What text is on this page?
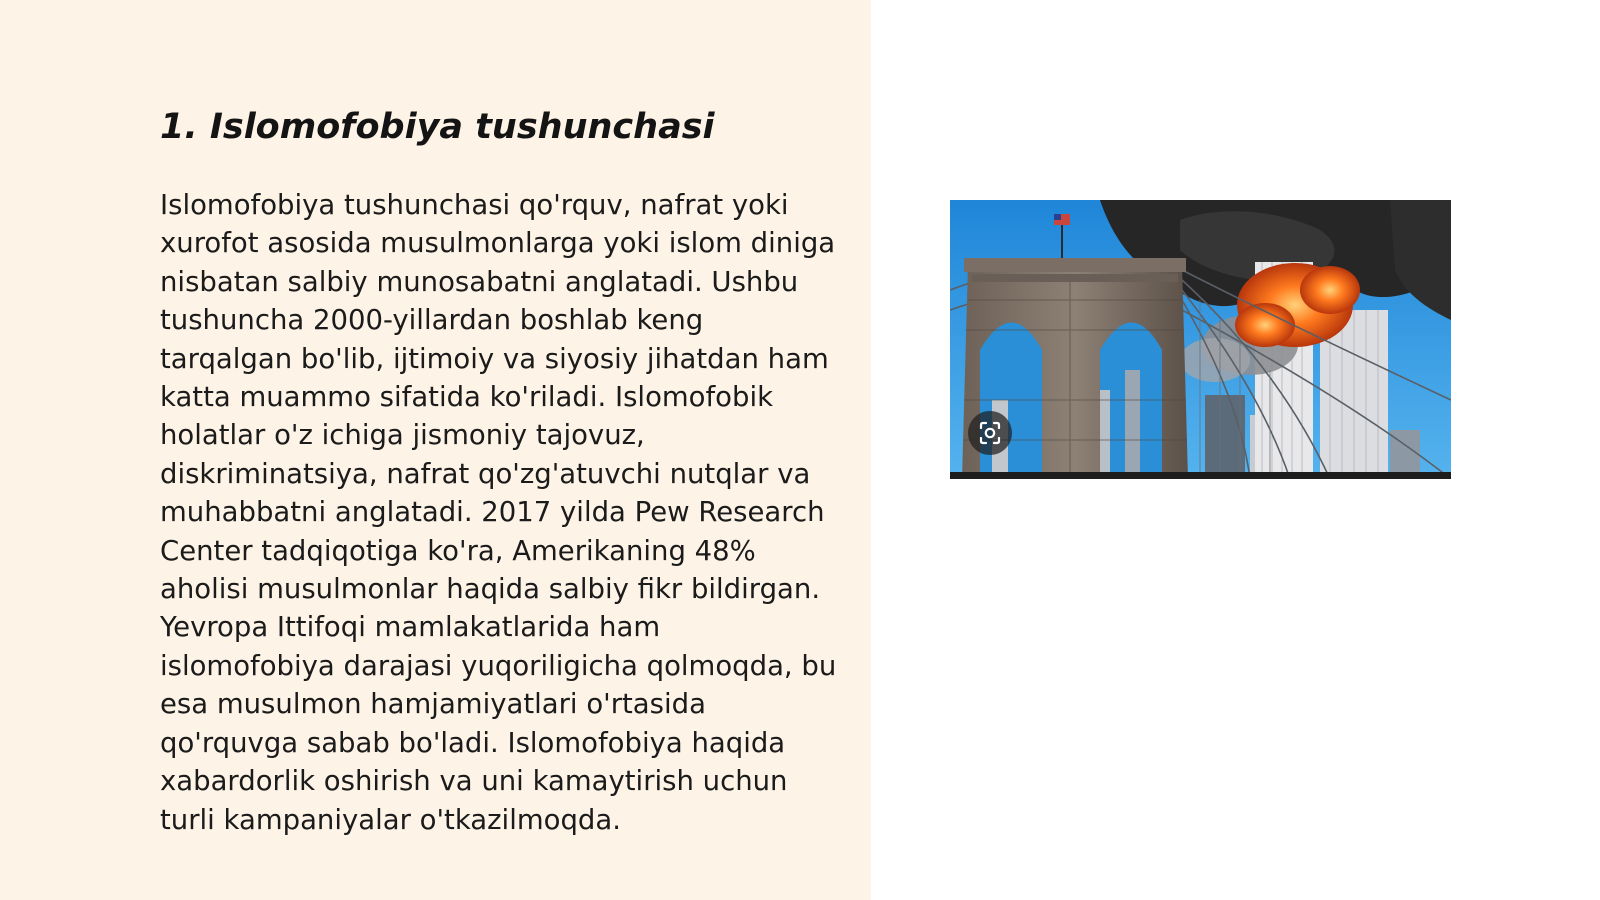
1. Islomofobiya tushunchasi

Islomofobiya tushunchasi qo'rquv, nafrat yoki xurofot asosida musulmonlarga yoki islom diniga nisbatan salbiy munosabatni anglatadi. Ushbu tushuncha 2000-yillardan boshlab keng tarqalgan bo'lib, ijtimoiy va siyosiy jihatdan ham katta muammo sifatida ko'riladi. Islomofobik holatlar o'z ichiga jismoniy tajovuz, diskriminatsiya, nafrat qo'zg'atuvchi nutqlar va muhabbatni anglatadi. 2017 yilda Pew Research Center tadqiqotiga ko'ra, Amerikaning 48% aholisi musulmonlar haqida salbiy fikr bildirgan. Yevropa Ittifoqi mamlakatlarida ham islomofobiya darajasi yuqoriligicha qolmoqda, bu esa musulmon hamjamiyatlari o'rtasida qo'rquvga sabab bo'ladi. Islomofobiya haqida xabardorlik oshirish va uni kamaytirish uchun turli kampaniyalar o'tkazilmoqda.
